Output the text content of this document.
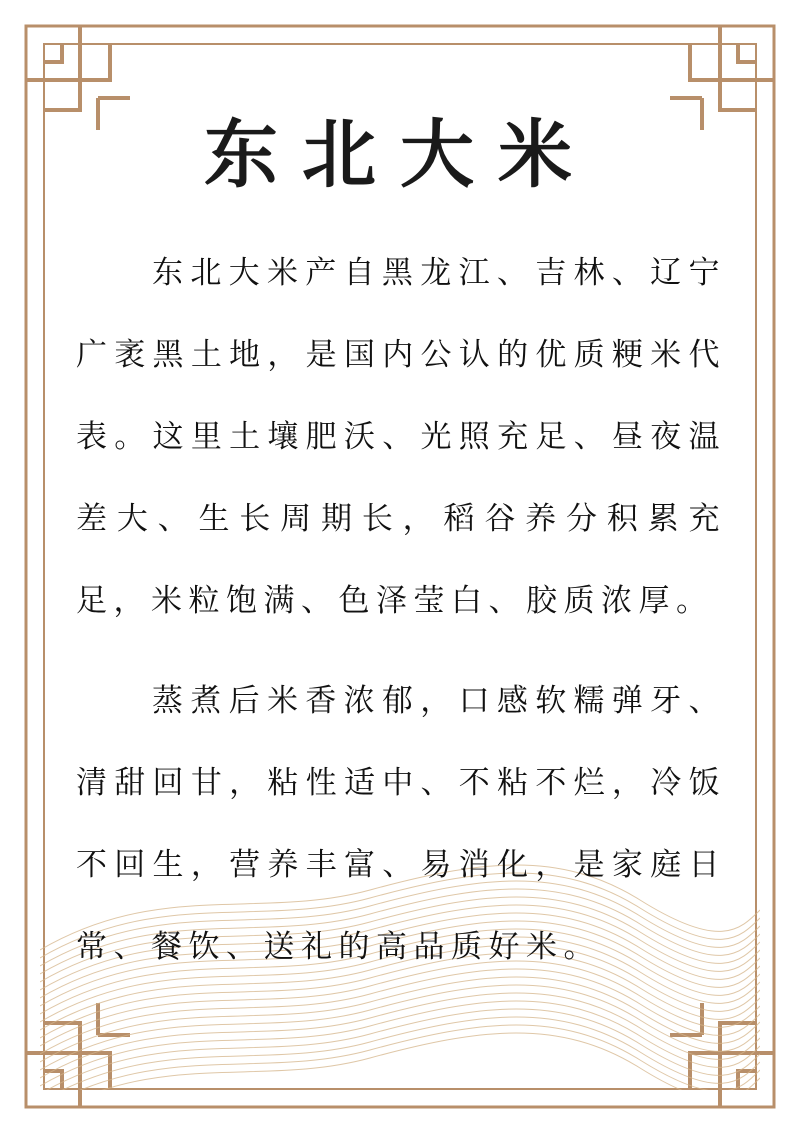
东北大米

东北大米产自黑龙江、吉林、辽宁广袤黑土地，是国内公认的优质粳米代表。这里土壤肥沃、光照充足、昼夜温差大、生长周期长，稻谷养分积累充足，米粒饱满、色泽莹白、胶质浓厚。

蒸煮后米香浓郁，口感软糯弹牙、清甜回甘，粘性适中、不粘不烂，冷饭不回生，营养丰富、易消化，是家庭日常、餐饮、送礼的高品质好米。
